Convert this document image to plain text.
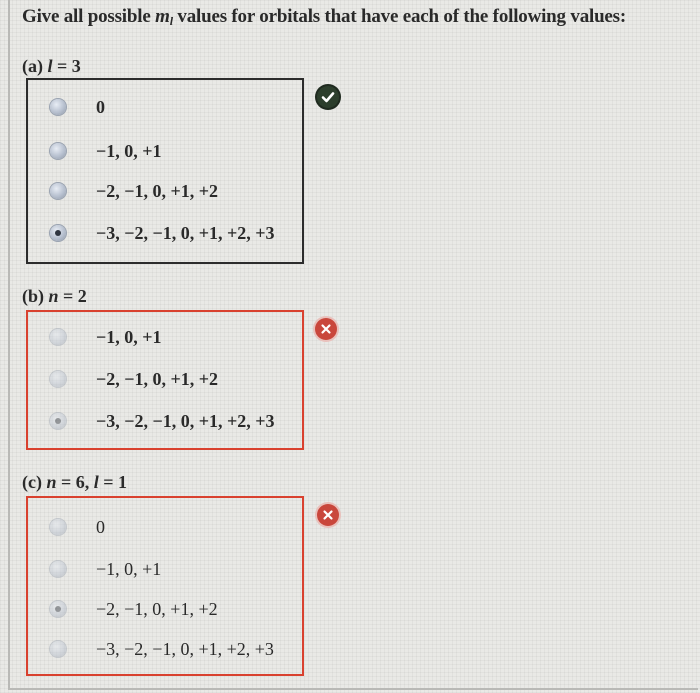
Give all possible $m_l$ values for orbitals that have each of the following values:
(a) l = 3
0
−1, 0, +1
−2, −1, 0, +1, +2
−3, −2, −1, 0, +1, +2, +3
(b) n = 2
−1, 0, +1
−2, −1, 0, +1, +2
−3, −2, −1, 0, +1, +2, +3
(c) n = 6, l = 1
0
−1, 0, +1
−2, −1, 0, +1, +2
−3, −2, −1, 0, +1, +2, +3
